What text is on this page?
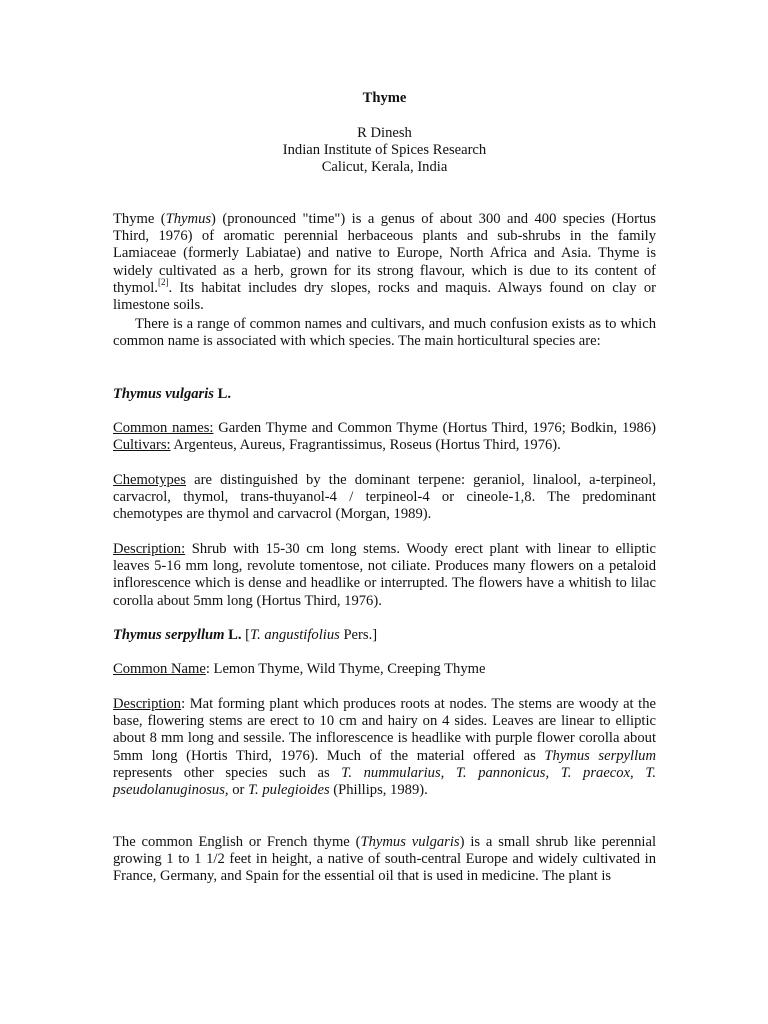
Thyme

R Dinesh
Indian Institute of Spices Research
Calicut, Kerala, India

Thyme (Thymus) (pronounced "time") is a genus of about 300 and 400 species (Hortus Third, 1976) of aromatic perennial herbaceous plants and sub-shrubs in the family Lamiaceae (formerly Labiatae) and native to Europe, North Africa and Asia. Thyme is widely cultivated as a herb, grown for its strong flavour, which is due to its content of thymol.[2]. Its habitat includes dry slopes, rocks and maquis. Always found on clay or limestone soils.

There is a range of common names and cultivars, and much confusion exists as to which common name is associated with which species. The main horticultural species are:

Thymus vulgaris L.

Common names: Garden Thyme and Common Thyme (Hortus Third, 1976; Bodkin, 1986) Cultivars: Argenteus, Aureus, Fragrantissimus, Roseus (Hortus Third, 1976).

Chemotypes are distinguished by the dominant terpene: geraniol, linalool, a-terpineol, carvacrol, thymol, trans-thuyanol-4 / terpineol-4 or cineole-1,8. The predominant chemotypes are thymol and carvacrol (Morgan, 1989).

Description: Shrub with 15-30 cm long stems. Woody erect plant with linear to elliptic leaves 5-16 mm long, revolute tomentose, not ciliate. Produces many flowers on a petaloid inflorescence which is dense and headlike or interrupted. The flowers have a whitish to lilac corolla about 5mm long (Hortus Third, 1976).

Thymus serpyllum L. [T. angustifolius Pers.]

Common Name: Lemon Thyme, Wild Thyme, Creeping Thyme

Description: Mat forming plant which produces roots at nodes. The stems are woody at the base, flowering stems are erect to 10 cm and hairy on 4 sides. Leaves are linear to elliptic about 8 mm long and sessile. The inflorescence is headlike with purple flower corolla about 5mm long (Hortis Third, 1976). Much of the material offered as Thymus serpyllum represents other species such as T. nummularius, T. pannonicus, T. praecox, T. pseudolanuginosus, or T. pulegioides (Phillips, 1989).

The common English or French thyme (Thymus vulgaris) is a small shrub like perennial growing 1 to 1 1/2 feet in height, a native of south-central Europe and widely cultivated in France, Germany, and Spain for the essential oil that is used in medicine. The plant is
